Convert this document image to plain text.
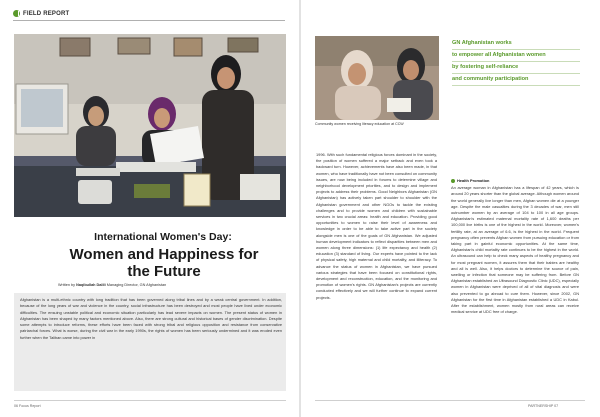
FIELD REPORT
Community women receiving literacy education at CCW
GN Afghanistan works
to empower all Afghanistan women
by fostering self-reliance
and community participation
International Women's Day:
Women and Happiness for
the Future
Written by Naqibullah Dalili Managing Director, GN Afghanistan
Afghanistan is a multi-ethnic country with long tradition that has been governed along tribal lines and by a weak central government. In addition, because of the long years of war and violence in the country, social infrastructure has been destroyed and most people have lived under economic difficulties. The ensuing unstable political and economic situation particularly has lead severe impacts on women. The present status of women in Afghanistan has been shaped by many factors mentioned above. Also, there are strong cultural and historical bases of gender discrimination. Despite some attempts to introduce reforms, these efforts have been faced with strong tribal and religious opposition and resistance from conservative patriarchal forces. What is worse, during the civil war in the early 1990s, the rights of women has been seriously undermined and it was eroded even further when the Taliban came into power in

1996. With such fundamental religious forces dominant in the society, the position of women suffered a major setback and even took a backward turn. However, achievements have also been made, in that women, who have traditionally have not been consulted on community issues, are now being included in forums to determine village and neighborhood development priorities, and to design and implement projects to address their problems. Good Neighbors Afghanistan (GN Afghanistan) has actively taken part shoulder to shoulder with the Afghanistan government and other NGOs to tackle the existing challenges and to provide women and children with sustainable services in two crucial areas: health and education. Providing good opportunities to women to raise their level of awareness and knowledge in order to be able to take active part in the society alongside men is one of the goals of GN Afghanistan. We adjusted human development indicators to reflect disparities between men and women along three dimensions: (1) life expectancy and health (2) education (3) standard of living. Our experts have pointed to the lack of physical safety, high maternal and child mortality, and illiteracy. To advance the status of women in Afghanistan, we have pursued various strategies that have been focused on constitutional rights, development and reconstruction, education, and the monitoring and promotion of women's rights. GN Afghanistan's projects are currently conducted effectively and we will further continue to expand current projects.

Health Promotion

An average woman in Afghanistan has a lifespan of 42 years, which is around 20 years shorter than the global average. Although women around the world generally live longer than men, Afghan women die at a younger age. Despite the male casualties during the 3 decades of war, men still outnumber women by an average of 104 to 100 in all age groups. Afghanistan's estimated maternal mortality rate of 1,600 deaths per 100,000 live births is one of the highest in the world. Moreover, women's fertility rate, at an average of 6.6, is the highest in the world. Frequent pregnancy often prevents Afghan women from pursuing education or from taking part in gainful economic opportunities. At the same time, Afghanistan's child mortality rate continues to be the highest in the world. An ultrasound can help to check many aspects of healthy pregnancy and for most pregnant women, it assures them that their babies are healthy and all is well. Also, it helps doctors to determine the source of pain, swelling or infection that someone may be suffering from. Before GN Afghanistan established an Ultrasound Diagnostic Clinic (UDC), especially women in Afghanistan were deprived of all of vital diagnosis and were also prevented to go abroad to cure them. However, since 2002, GN Afghanistan for the first time in Afghanistan established a UDC in Kabul. After the establishment, women mostly from rural areas can receive medical service at UDC free of charge.

06 Focus Report	PARTNERSHIP 07
